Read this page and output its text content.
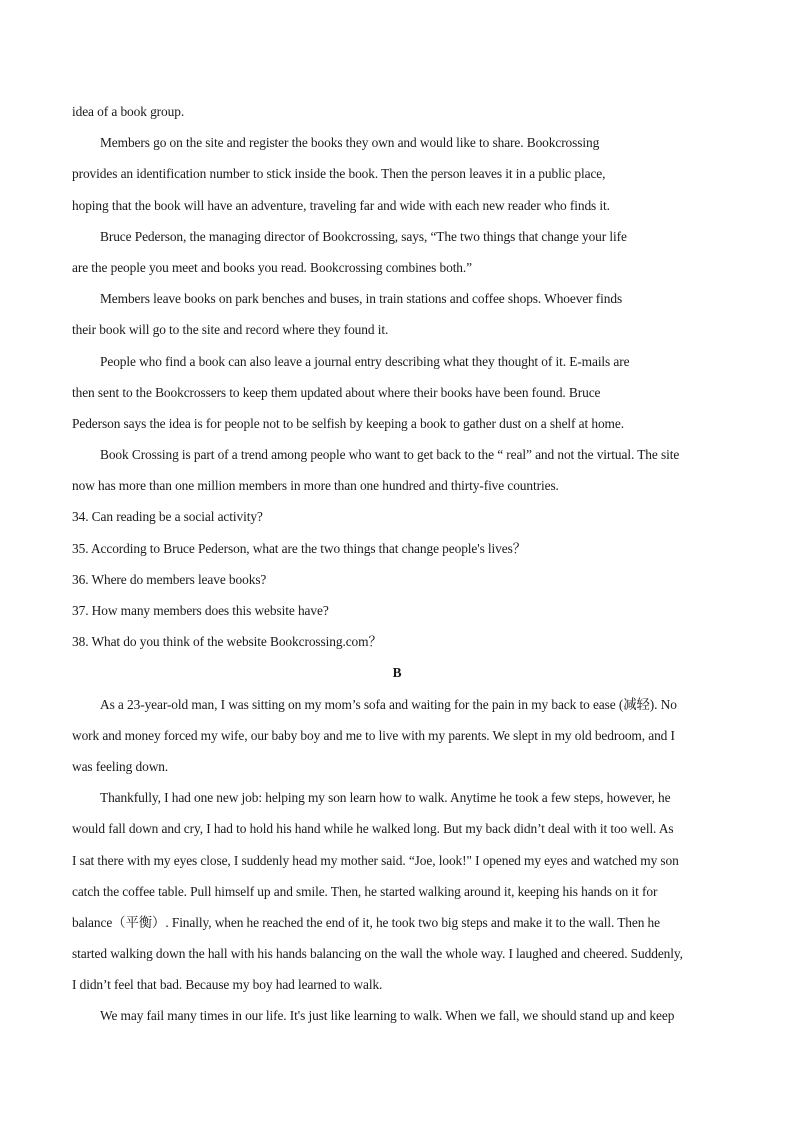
idea of a book group.
Members go on the site and register the books they own and would like to share. Bookcrossing
provides an identification number to stick inside the book. Then the person leaves it in a public place,
hoping that the book will have an adventure, traveling far and wide with each new reader who finds it.
Bruce Pederson, the managing director of Bookcrossing, says, “The two things that change your life
are the people you meet and books you read. Bookcrossing combines both.”
Members leave books on park benches and buses, in train stations and coffee shops. Whoever finds
their book will go to the site and record where they found it.
People who find a book can also leave a journal entry describing what they thought of it. E-mails are
then sent to the Bookcrossers to keep them updated about where their books have been found. Bruce
Pederson says the idea is for people not to be selfish by keeping a book to gather dust on a shelf at home.
Book Crossing is part of a trend among people who want to get back to the “ real” and not the virtual. The site
now has more than one million members in more than one hundred and thirty-five countries.
34. Can reading be a social activity?
35. According to Bruce Pederson, what are the two things that change people's lives？
36. Where do members leave books?
37. How many members does this website have?
38. What do you think of the website Bookcrossing.com？
B
As a 23-year-old man, I was sitting on my mom’s sofa and waiting for the pain in my back to ease (减轻). No
work and money forced my wife, our baby boy and me to live with my parents. We slept in my old bedroom, and I
was feeling down.
Thankfully, I had one new job: helping my son learn how to walk. Anytime he took a few steps, however, he
would fall down and cry, I had to hold his hand while he walked long. But my back didn’t deal with it too well. As
I sat there with my eyes close, I suddenly head my mother said. “Joe, look!" I opened my eyes and watched my son
catch the coffee table. Pull himself up and smile. Then, he started walking around it, keeping his hands on it for
balance（平衡）. Finally, when he reached the end of it, he took two big steps and make it to the wall. Then he
started walking down the hall with his hands balancing on the wall the whole way. I laughed and cheered. Suddenly,
I didn’t feel that bad. Because my boy had learned to walk.
We may fail many times in our life. It's just like learning to walk. When we fall, we should stand up and keep
